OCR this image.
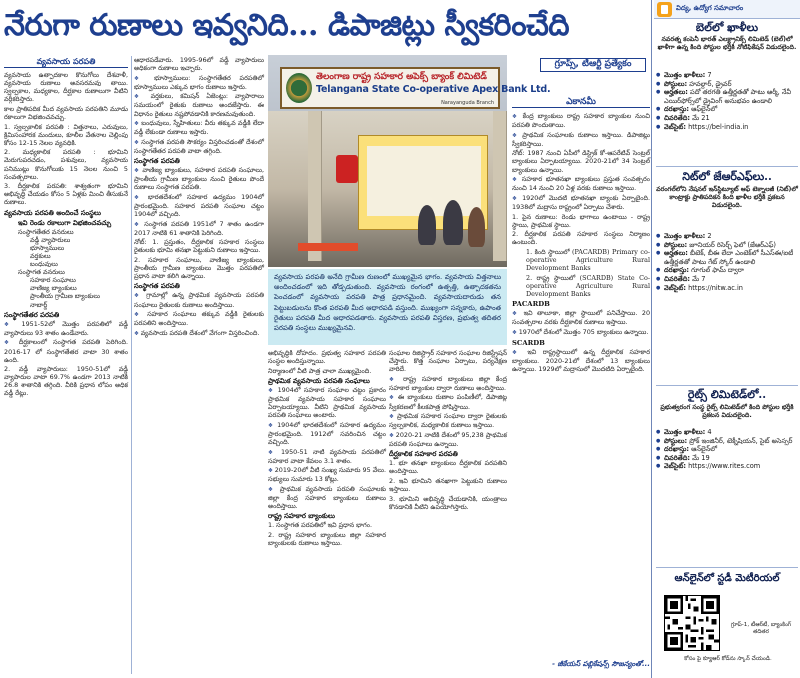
నేరుగా రుణాలు ఇవ్వనిది... డిపాజిట్లు స్వీకరించేది
వ్యవసాయ పరపతి

వ్యవసాయ ఉత్పాదకాల కొనుగోలు దేశవాళీ, వ్యవసాయ రుణాలు అవసరమవు తాయి. స్వల్పకాల, మధ్యకాల, దీర్ఘకాల రుణాలుగా వీటిని వర్గీకరిస్తారు.

కాల ప్రాతిపదిక మీద వ్యవసాయ పరపతిని మూడు రకాలుగా విభజించవచ్చు.

1. స్వల్పకాలిక పరపతి : విత్తనాలు, ఎరువులు, క్రిమిసంహారక మందులు, కూలీల వేతనాల చెల్లింపు కోసం 12-15 నెలల వ్యవధికి.

2. మధ్యకాలిక పరపతి : భూమిని మెరుగుపరచడం, పశువులు, వ్యవసాయ పనిముట్లు కొనుగోలుకు 15 నెలల నుంచి 5 సంవత్సరాలు.

3. దీర్ఘకాలిక పరపతి: శాశ్వతంగా భూమిని అభివృద్ధి చేయడం కోసం 5 ఏళ్లకు మించి తీసుకునే రుణాలు.

వ్యవసాయ పరపతి అందించే సంస్థలు
ఇవి రెండు రకాలుగా విభజించవచ్చు
సంస్థాగతేతర వనరులు
వడ్డీ వ్యాపారులు
భూస్వాములు
వర్తకులు
బంధువులు
సంస్థాగత వనరులు
సహకార సంఘాలు
వాణిజ్య బ్యాంకులు
ప్రాంతీయ గ్రామీణ బ్యాంకులు
నాబార్డ్
సంస్థాగతేతర పరపతి

❖ 1951-52లో మొత్తం పరపతిలో వడ్డీ వ్యాపారులు 93 శాతం ఉండేవారు.

❖ దీర్ఘకాలంలో సంస్థాగత పరపతి పెరిగింది. 2016-17 లో సంస్థాగతేతర వాటా 30 శాతం ఉంది.

2. వడ్డీ వ్యాపారులు: 1950-51లో వడ్డీ వ్యాపారుల వాటా 69.7% ఉండగా 2013 నాటికి 26.8 శాతానికి తగ్గింది. వీరికి ప్రధాన లోపం అధిక వడ్డీ రేట్లు.

ఆధారపడేవారు. 1995-96లో వడ్డీ వ్యాపారులు అధికంగా రుణాలు ఇచ్చారు.

❖ భూస్వాములు: సంస్థాగతేతర పరపతిలో భూస్వాములు ఎక్కువ భాగం రుణాలు ఇస్తారు.

❖ వర్తకులు, కమిషన్ ఏజెంట్లు: వ్యాపారాలు సమయంలో రైతుకు రుణాలు అందజేస్తారు. ఈ విధానం రైతులు నష్టపోవడానికి కారణమవుతుంది.

❖ బంధువులు, స్నేహితులు: వీరు తక్కువ వడ్డీకి లేదా వడ్డీ లేకుండా రుణాలు ఇస్తారు.

❖ సంస్థాగత పరపతి సౌకర్యం విస్తరించడంతో దేశంలో సంస్థాగతేతర పరపతి వాటా తగ్గింది.

సంస్థాగత పరపతి

❖ వాణిజ్య బ్యాంకులు, సహకార పరపతి సంఘాలు, ప్రాంతీయ గ్రామీణ బ్యాంకులు నుంచి రైతులు పొందే రుణాలు సంస్థాగత పరపతి.

❖ భారతదేశంలో సహకార ఉద్యమం 1904లో ప్రారంభమైంది. సహకార పరపతి సంఘాల చట్టం 1904లో వచ్చింది.

❖ సంస్థాగత పరపతి 1951లో 7 శాతం ఉండగా 2017 నాటికి 61 శాతానికి పెరిగింది.

నోట్: 1. ప్రస్తుతం, దీర్ఘకాలిక సహకార సంస్థలు రైతులకు భూమి తనఖా పెట్టుకుని రుణాలు ఇస్తాయి.

2. సహకార సంఘాలు, వాణిజ్య బ్యాంకులు, ప్రాంతీయ గ్రామీణ బ్యాంకులు మొత్తం పరపతిలో ప్రధాన వాటా కలిగి ఉన్నాయి.

సంస్థాగత పరపతి

❖ గ్రామాల్లో ఉన్న ప్రాథమిక వ్యవసాయ పరపతి సంఘాలు రైతులకు రుణాలు అందిస్తాయి.

❖ సహకార సంఘాలు తక్కువ వడ్డీకి రైతులకు పరపతిని అందిస్తాయి.

❖ వ్యవసాయ పరపతి దేశంలో వేగంగా విస్తరించింది.

తెలంగాణ రాష్ట్ర సహకార అపెక్స్ బ్యాంక్ లిమిటెడ్
Telangana State Co-operative Apex Bank Ltd.
Narayanguda Branch
వ్యవసాయ పరపతి అనేది గ్రామీణ రుణంలో ముఖ్యమైన భాగం. వ్యవసాయ విత్తనాలు అందించడంలో ఇది తోడ్పడుతుంది. వ్యవసాయ రంగంలో ఉత్పత్తి, ఉత్పాదకతను పెంచడంలో వ్యవసాయ పరపతి పాత్ర ప్రధానమైంది. వ్యవసాయదారుడు తన పెట్టుబడులను కొంత పరపతి మీద ఆధారపడి వస్తుంది. ముఖ్యంగా సన్నకారు, ఉపాంత రైతులు పరపతి మీద ఆధారపడతారు. వ్యవసాయ పరపతి విస్తరణ, ప్రభుత్వ తదితర పరపతి సంస్థలు ముఖ్యమైనవి.
గ్రూప్స్, టీఆర్టీ ప్రత్యేకం
ఎకానమీ

అభివృద్ధికి దోహదం. ప్రభుత్వ సహకార పరపతి సంస్థల అందిస్తున్నాయి.

నిర్మాణంలో వీటి పాత్ర చాలా ముఖ్యమైంది.

ప్రాథమిక వ్యవసాయ పరపతి సంఘాలు

❖ 1904లో సహకార సంఘాల చట్టం ప్రకారం ప్రాథమిక వ్యవసాయ సహకార సంఘాలు ఏర్పాటయ్యాయి. వీటిని ప్రాథమిక వ్యవసాయ పరపతి సంఘాలు అంటారు.

❖ 1904లో భారతదేశంలో సహకార ఉద్యమం ప్రారంభమైంది. 1912లో సవరించిన చట్టం వచ్చింది.

❖ 1950-51 నాటి వ్యవసాయ పరపతిలో సహకార వాటా కేవలం 3.1 శాతం.

❖ 2019-20లో వీటి సంఖ్య సుమారు 95 వేలు. సభ్యులు సుమారు 13 కోట్లు.

❖ ప్రాథమిక వ్యవసాయ పరపతి సంఘాలకు జిల్లా కేంద్ర సహకార బ్యాంకులు రుణాలు అందిస్తాయి.

రాష్ట్ర సహకార బ్యాంకులు

1. సంస్థాగత పరపతిలో ఇవి ప్రధాన భాగం.

2. రాష్ట్ర సహకార బ్యాంకులు జిల్లా సహకార బ్యాంకులకు రుణాలు ఇస్తాయి.

సంఘాల రిజిస్ట్రార్ సహకార సంఘాల రిజిస్ట్రేషన్ చేస్తారు. కొత్త సంఘాల ఏర్పాటు, పర్యవేక్షణ వారిదే.

❖ రాష్ట్ర సహకార బ్యాంకులు జిల్లా కేంద్ర సహకార బ్యాంకుల ద్వారా రుణాలు అందిస్తాయి.

❖ ఈ బ్యాంకులు రుణాల పంపిణీలో, డిపాజిట్ల స్వీకరణలో కీలకపాత్ర పోషిస్తాయి.

❖ ప్రాథమిక సహకార సంఘాల ద్వారా రైతులకు స్వల్పకాలిక, మధ్యకాలిక రుణాలు ఇస్తాయి.

❖ 2020-21 నాటికి దేశంలో 95,238 ప్రాథమిక పరపతి సంఘాలు ఉన్నాయి.

దీర్ఘకాలిక సహకార పరపతి

1. భూ తనఖా బ్యాంకులు దీర్ఘకాలిక పరపతిని అందిస్తాయి.

2. ఇవి భూమిని తనఖాగా పెట్టుకుని రుణాలు ఇస్తాయి.

3. భూమిని అభివృద్ధి చేయడానికి, యంత్రాలు కొనడానికి వీటిని ఉపయోగిస్తారు.

❖ కేంద్ర బ్యాంకులు రాష్ట్ర సహకార బ్యాంకుల నుంచి పరపతి పొందుతాయి.

❖ ప్రాథమిక సంఘాలకు రుణాలు ఇస్తాయి. డిపాజిట్లు స్వీకరిస్తాయి.

నోట్: 1987 నుంచి ఏపీలో డిస్ట్రిక్ కో-ఆపరేటివ్ సెంట్రల్ బ్యాంకులు ఏర్పాటయ్యాయి. 2020-21లో 34 సెంట్రల్ బ్యాంకులు ఉన్నాయి.

❖ సహకార భూతనఖా బ్యాంకులు ప్రస్తుత సంవత్సరం నుంచి 14 నుంచి 20 ఏళ్ల వరకు రుణాలు ఇస్తాయి.

❖ 1920లో మొదటి భూతనఖా బ్యాంకు ఏర్పాటైంది. 1938లో మద్రాసు రాష్ట్రంలో ఏర్పాటు చేశారు.

1. పైన రుణాలు: రెండు భాగాలు ఉంటాయి - రాష్ట్ర స్థాయి, ప్రాథమిక స్థాయి.

2. దీర్ఘకాలిక పరపతి సహకార సంస్థలు నిర్మాణం ఉంటుంది.

1. కింది స్థాయిలో (PACARDB) Primary co-operative Agriculture Rural Development Banks

2. రాష్ట్ర స్థాయిలో (SCARDB) State Co-operative Agriculture Rural Development Banks

PACARDB

❖ ఇవి తాలూకా, జిల్లా స్థాయిలో పనిచేస్తాయి. 20 సంవత్సరాల వరకు దీర్ఘకాలిక రుణాలు ఇస్తాయి.

❖ 1970లో దేశంలో మొత్తం 705 బ్యాంకులు ఉన్నాయి.

SCARDB

❖ ఇవి రాష్ట్రస్థాయిలో ఉన్న దీర్ఘకాలిక సహకార బ్యాంకులు. 2020-21లో దేశంలో 13 బ్యాంకులు ఉన్నాయి. 1929లో మద్రాసులో మొదటిది ఏర్పాటైంది.

- జీకేయస్ పబ్లికేషన్స్ సౌజన్యంతో...
విద్య, ఉద్యోగ సమాచారం
బెల్‌లో ఖాళీలు
నవరత్న కంపెనీ భారత్ ఎలక్ట్రానిక్స్ లిమిటెడ్ (బెల్)లో ఖాళీగా ఉన్న కింది పోస్టుల భర్తీకి నోటిఫికేషన్ విడుదలైంది.
● మొత్తం ఖాళీలు: 7
● పోస్టులు: హవల్దార్, డ్రైవర్
● అర్హతలు: పదో తరగతి ఉత్తీర్ణతతో పాటు ఆర్మీ, నేవీ ఎయిర్‌ఫోర్స్‌లో డ్రైవింగ్ అనుభవం ఉండాలి
● దరఖాస్తు: ఆఫ్‌లైన్‌లో
● చివరితేది: మే 21
● వెబ్‌సైట్: https://bel-india.in
నిట్‌లో జేఆర్‌ఎఫ్‌లు..
వరంగల్‌లోని నేషనల్ ఇన్‌స్టిట్యూట్ ఆఫ్ టెక్నాలజీ (నిట్)లో కాంట్రాక్టు ప్రాతిపదికన కింది ఖాళీల భర్తీకి ప్రకటన విడుదలైంది.
● మొత్తం ఖాళీలు: 2
● పోస్టులు: జూనియర్ రిసెర్చ్ ఫెలో (జేఆర్‌ఎఫ్)
● అర్హతలు: బీటెక్, బీఈ లేదా ఎంటెక్‌లో సీఎస్‌ఈ/ఐటీ ఉత్తీర్ణతతో పాటు గేట్ స్కోర్ ఉండాలి
● దరఖాస్తు: గూగుల్ ఫామ్ ద్వారా
● చివరితేది: మే 7
● వెబ్‌సైట్: https://nitw.ac.in
రైట్స్ లిమిటెడ్‌లో..
ప్రభుత్వరంగ సంస్థ రైట్స్ లిమిటెడ్‌లో కింది పోస్టుల భర్తీకి ప్రకటన విడుదలైంది.
● మొత్తం ఖాళీలు: 4
● పోస్టులు: ప్రోక్ ఇంజినీర్, టెక్నీషియన్, సైట్ అసెస్సర్
● దరఖాస్తు: ఆన్‌లైన్‌లో
● చివరితేది: మే 19
● వెబ్‌సైట్: https://www.rites.com
ఆన్‌లైన్‌లో స్టడీ మెటీరియల్
గ్రూప్-1, టీఆర్‌టీ, బ్యాంకింగ్ తదితర
కోసం పై క్యూఆర్ కోడ్‌ను స్కాన్ చేయండి.
